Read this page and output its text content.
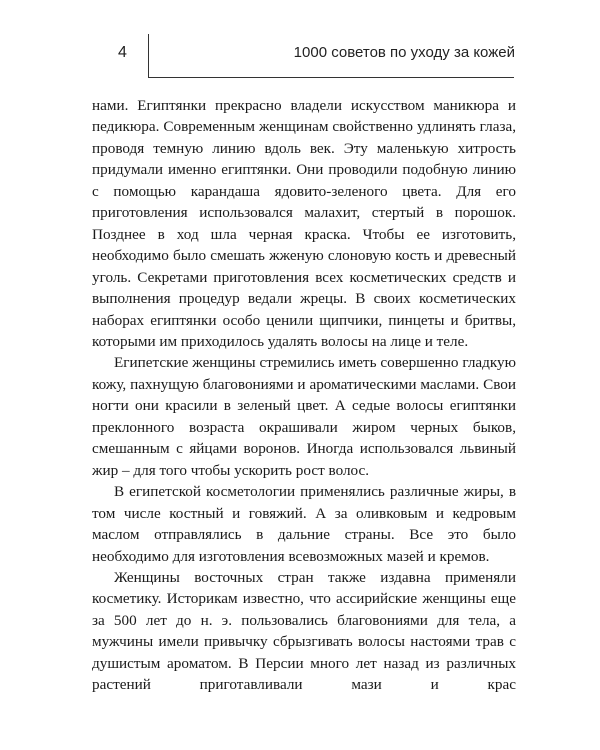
4	1000 советов по уходу за кожей

нами. Египтянки прекрасно владели искусством маникюра и педикюра. Современным женщинам свойственно удлинять глаза, проводя темную линию вдоль век. Эту маленькую хитрость придумали именно египтянки. Они проводили подобную линию с помощью карандаша ядовито-зеленого цвета. Для его приготовления использовался малахит, стертый в порошок. Позднее в ход шла черная краска. Чтобы ее изготовить, необходимо было смешать жженую слоновую кость и древесный уголь. Секретами приготовления всех косметических средств и выполнения процедур ведали жрецы. В своих косметических наборах египтянки особо ценили щипчики, пинцеты и бритвы, которыми им приходилось удалять волосы на лице и теле.

Египетские женщины стремились иметь совершенно гладкую кожу, пахнущую благовониями и ароматическими маслами. Свои ногти они красили в зеленый цвет. А седые волосы египтянки преклонного возраста окрашивали жиром черных быков, смешанным с яйцами воронов. Иногда использовался львиный жир – для того чтобы ускорить рост волос.

В египетской косметологии применялись различные жиры, в том числе костный и говяжий. А за оливковым и кедровым маслом отправлялись в дальние страны. Все это было необходимо для изготовления всевозможных мазей и кремов.

Женщины восточных стран также издавна применяли косметику. Историкам известно, что ассирийские женщины еще за 500 лет до н. э. пользовались благовониями для тела, а мужчины имели привычку сбрызгивать волосы настоями трав с душистым ароматом. В Персии много лет назад из различных растений приготавливали мази и крас
